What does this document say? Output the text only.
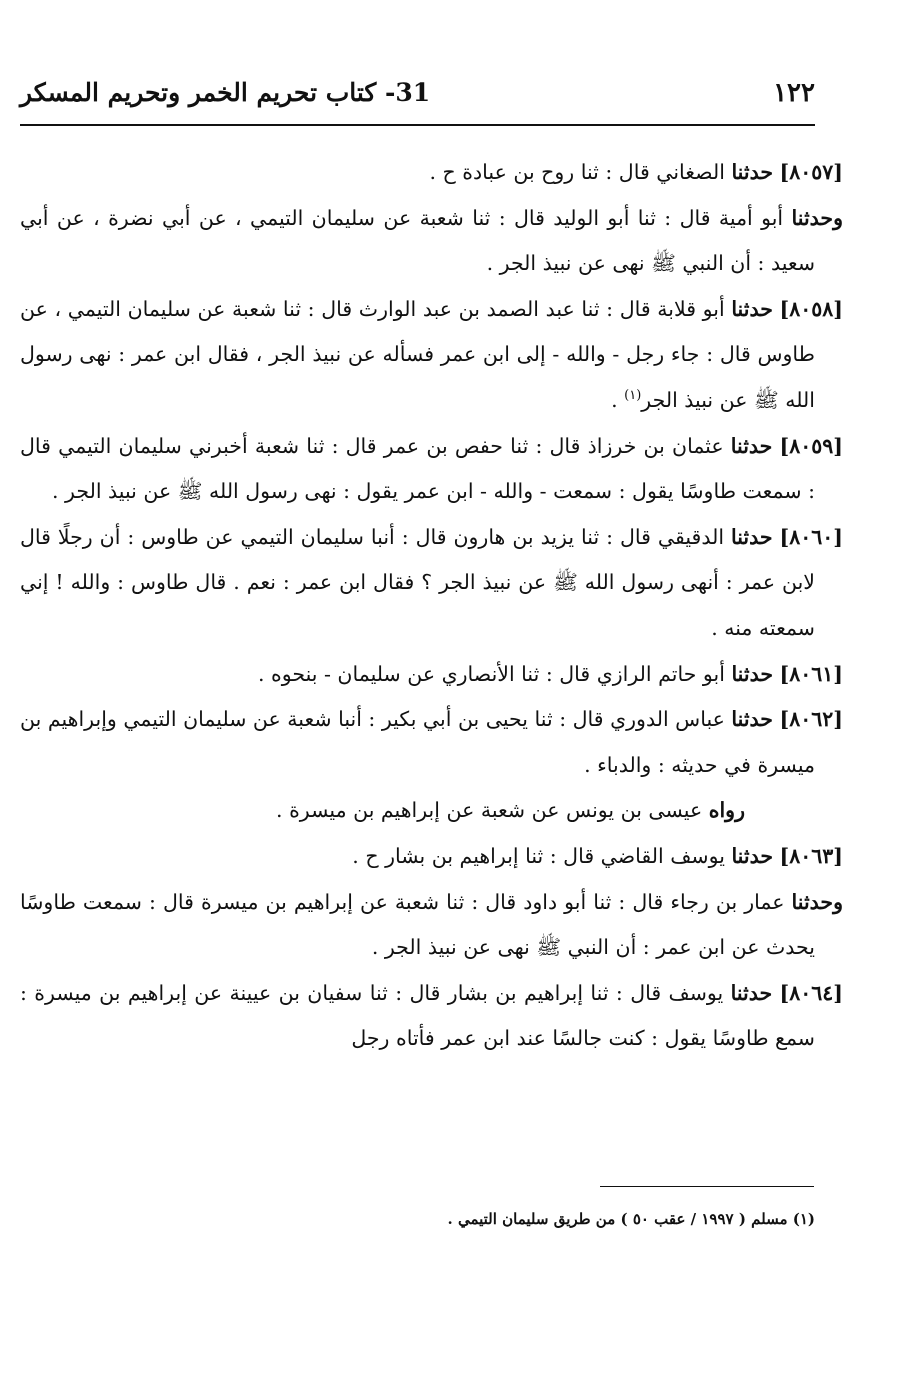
31- كتاب تحريم الخمر وتحريم المسكر	١٢٢

[٨٠٥٧] حدثنا الصغاني قال : ثنا روح بن عبادة ح .

وحدثنا أبو أمية قال : ثنا أبو الوليد قال : ثنا شعبة عن سليمان التيمي ، عن أبي نضرة ، عن أبي سعيد : أن النبي ﷺ نهى عن نبيذ الجر .

[٨٠٥٨] حدثنا أبو قلابة قال : ثنا عبد الصمد بن عبد الوارث قال : ثنا شعبة عن سليمان التيمي ، عن طاوس قال : جاء رجل - والله - إلى ابن عمر فسأله عن نبيذ الجر ، فقال ابن عمر : نهى رسول الله ﷺ عن نبيذ الجر$^{(١)}$ .

[٨٠٥٩] حدثنا عثمان بن خرزاذ قال : ثنا حفص بن عمر قال : ثنا شعبة أخبرني سليمان التيمي قال : سمعت طاوسًا يقول : سمعت - والله - ابن عمر يقول : نهى رسول الله ﷺ عن نبيذ الجر .

[٨٠٦٠] حدثنا الدقيقي قال : ثنا يزيد بن هارون قال : أنبا سليمان التيمي عن طاوس : أن رجلًا قال لابن عمر : أنهى رسول الله ﷺ عن نبيذ الجر ؟ فقال ابن عمر : نعم . قال طاوس : والله ! إني سمعته منه .

[٨٠٦١] حدثنا أبو حاتم الرازي قال : ثنا الأنصاري عن سليمان - بنحوه .

[٨٠٦٢] حدثنا عباس الدوري قال : ثنا يحيى بن أبي بكير : أنبا شعبة عن سليمان التيمي وإبراهيم بن ميسرة في حديثه : والدباء .

رواه عيسى بن يونس عن شعبة عن إبراهيم بن ميسرة .

[٨٠٦٣] حدثنا يوسف القاضي قال : ثنا إبراهيم بن بشار ح .

وحدثنا عمار بن رجاء قال : ثنا أبو داود قال : ثنا شعبة عن إبراهيم بن ميسرة قال : سمعت طاوسًا يحدث عن ابن عمر : أن النبي ﷺ نهى عن نبيذ الجر .

[٨٠٦٤] حدثنا يوسف قال : ثنا إبراهيم بن بشار قال : ثنا سفيان بن عيينة عن إبراهيم بن ميسرة : سمع طاوسًا يقول : كنت جالسًا عند ابن عمر فأتاه رجل

(١) مسلم ( ١٩٩٧ / عقب ٥٠ ) من طريق سليمان التيمي .
